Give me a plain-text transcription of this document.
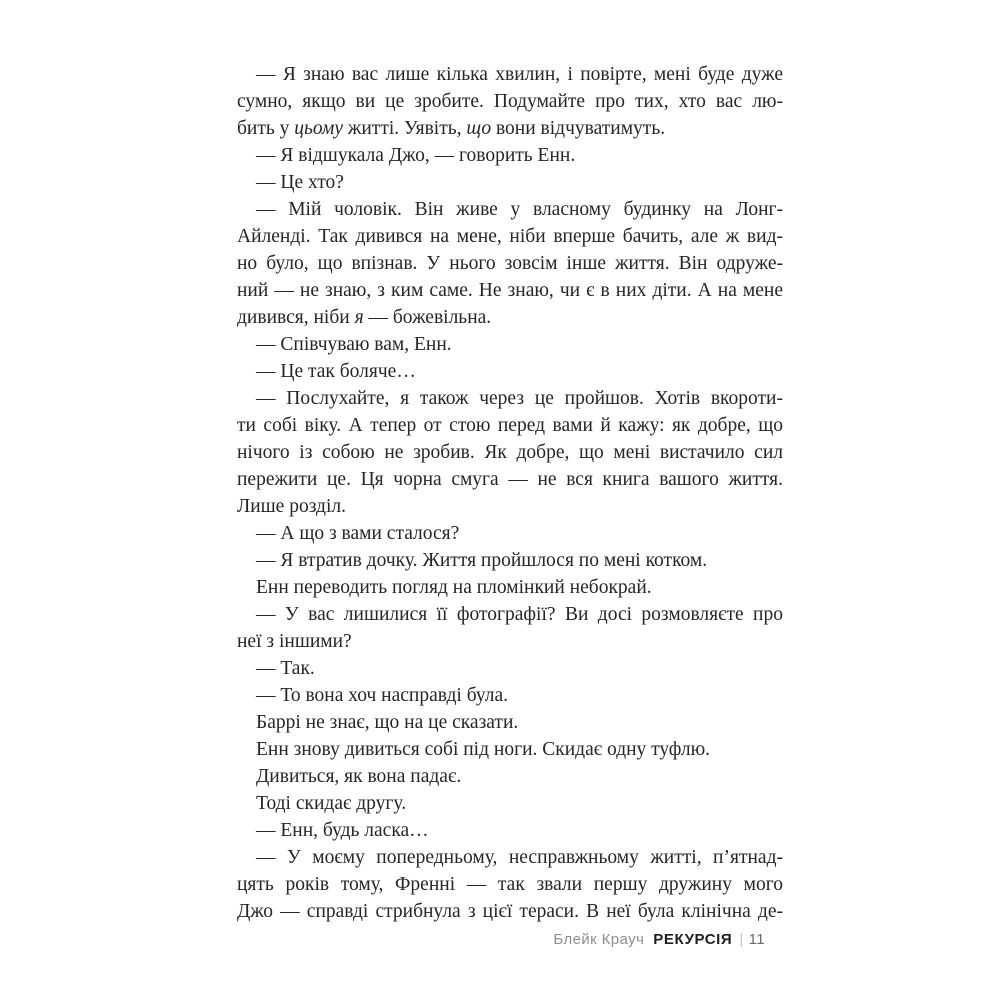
— Я знаю вас лише кілька хвилин, і повірте, мені буде дуже
сумно, якщо ви це зробите. Подумайте про тих, хто вас лю-
бить у цьому житті. Уявіть, що вони відчуватимуть.
— Я відшукала Джо, — говорить Енн.
— Це хто?
— Мій чоловік. Він живе у власному будинку на Лонг-
Айленді. Так дивився на мене, ніби вперше бачить, але ж вид-
но було, що впізнав. У нього зовсім інше життя. Він одруже-
ний — не знаю, з ким саме. Не знаю, чи є в них діти. А на мене
дивився, ніби я — божевільна.
— Співчуваю вам, Енн.
— Це так боляче…
— Послухайте, я також через це пройшов. Хотів вкороти-
ти собі віку. А тепер от стою перед вами й кажу: як добре, що
нічого із собою не зробив. Як добре, що мені вистачило сил
пережити це. Ця чорна смуга — не вся книга вашого життя.
Лише розділ.
— А що з вами сталося?
— Я втратив дочку. Життя пройшлося по мені котком.
Енн переводить погляд на пломінкий небокрай.
— У вас лишилися її фотографії? Ви досі розмовляєте про
неї з іншими?
— Так.
— То вона хоч насправді була.
Баррі не знає, що на це сказати.
Енн знову дивиться собі під ноги. Скидає одну туфлю.
Дивиться, як вона падає.
Тоді скидає другу.
— Енн, будь ласка…
— У моєму попередньому, несправжньому житті, п’ятнад-
цять років тому, Френні — так звали першу дружину мого
Джо — справді стрибнула з цієї тераси. В неї була клінічна де-
Блейк Крауч РЕКУРСІЯ | 11
